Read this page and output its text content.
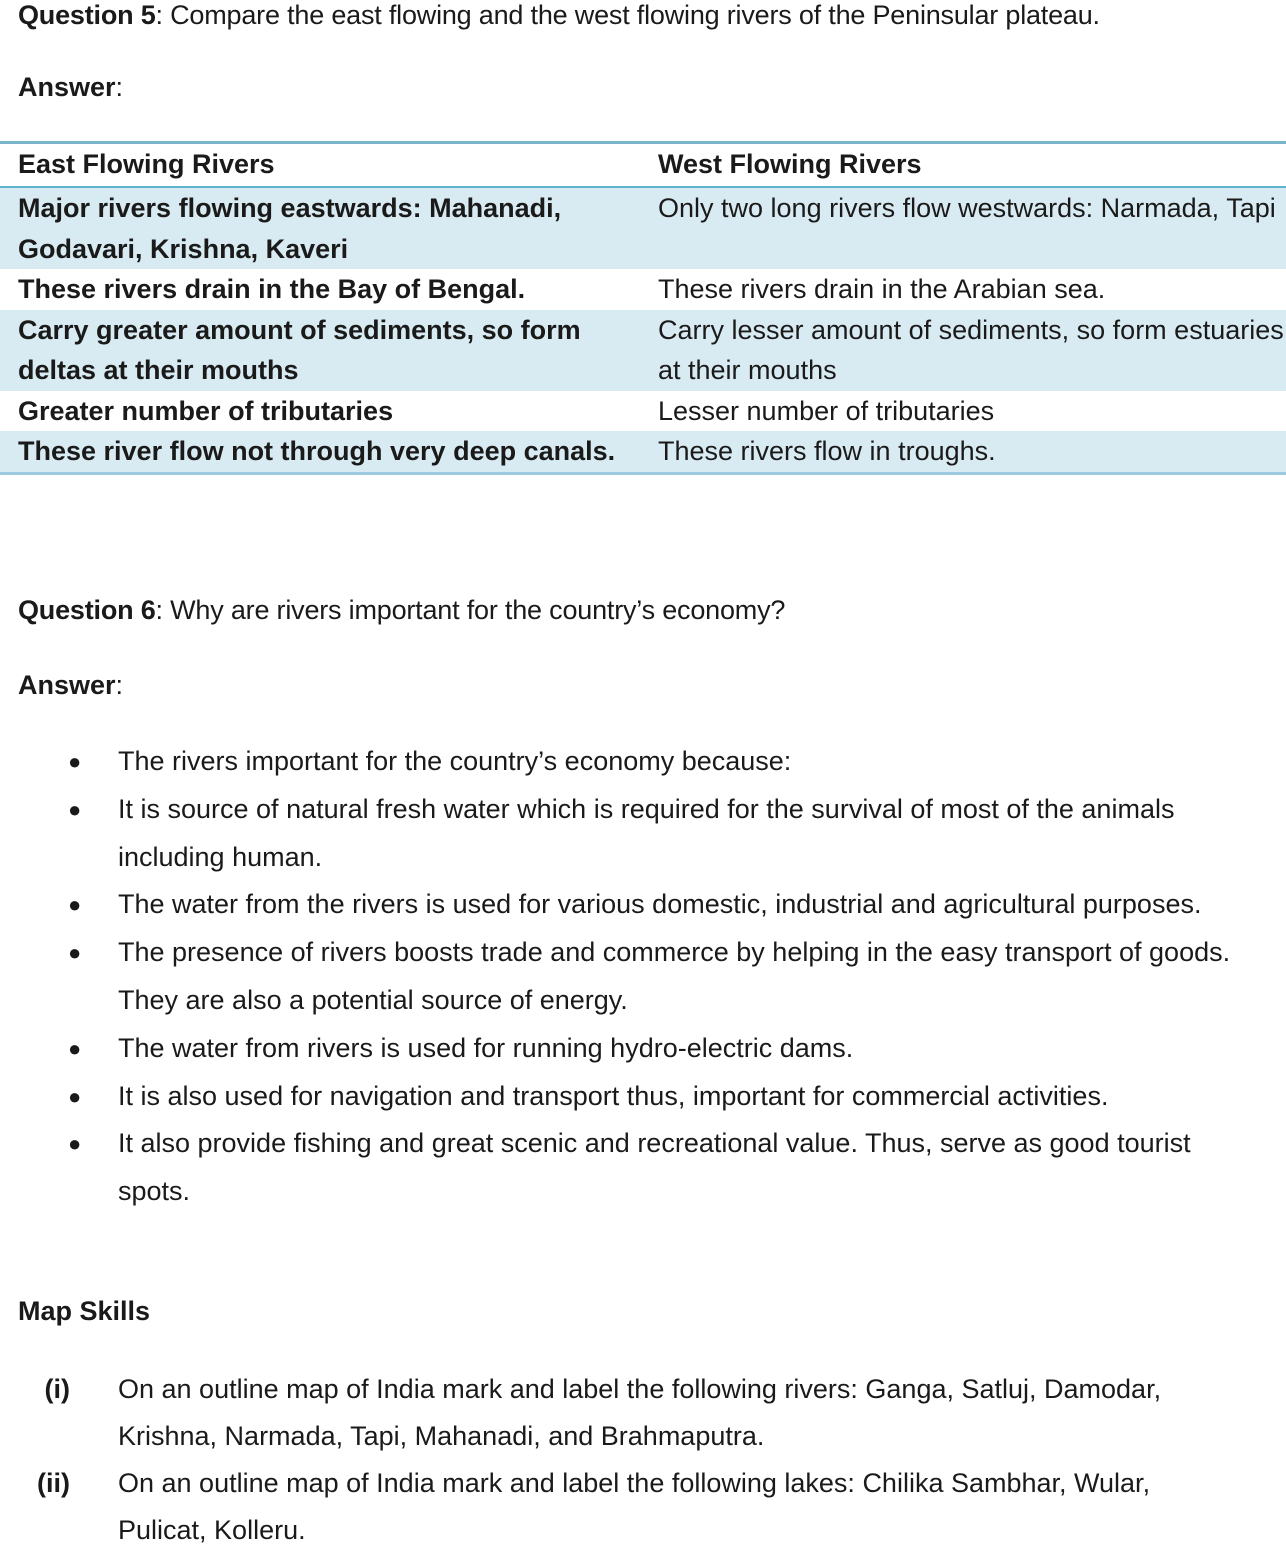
Question 5: Compare the east flowing and the west flowing rivers of the Peninsular plateau.
Answer:
East Flowing Rivers	West Flowing Rivers
Major rivers flowing eastwards: Mahanadi, Godavari, Krishna, Kaveri	Only two long rivers flow westwards: Narmada, Tapi
These rivers drain in the Bay of Bengal.	These rivers drain in the Arabian sea.
Carry greater amount of sediments, so form deltas at their mouths	Carry lesser amount of sediments, so form estuaries at their mouths
Greater number of tributaries	Lesser number of tributaries
These river flow not through very deep canals.	These rivers flow in troughs.
Question 6: Why are rivers important for the country’s economy?
Answer:
● The rivers important for the country’s economy because:
● It is source of natural fresh water which is required for the survival of most of the animals including human.
● The water from the rivers is used for various domestic, industrial and agricultural purposes.
● The presence of rivers boosts trade and commerce by helping in the easy transport of goods. They are also a potential source of energy.
● The water from rivers is used for running hydro-electric dams.
● It is also used for navigation and transport thus, important for commercial activities.
● It also provide fishing and great scenic and recreational value. Thus, serve as good tourist spots.
Map Skills
(i) On an outline map of India mark and label the following rivers: Ganga, Satluj, Damodar, Krishna, Narmada, Tapi, Mahanadi, and Brahmaputra.
(ii) On an outline map of India mark and label the following lakes: Chilika Sambhar, Wular, Pulicat, Kolleru.
